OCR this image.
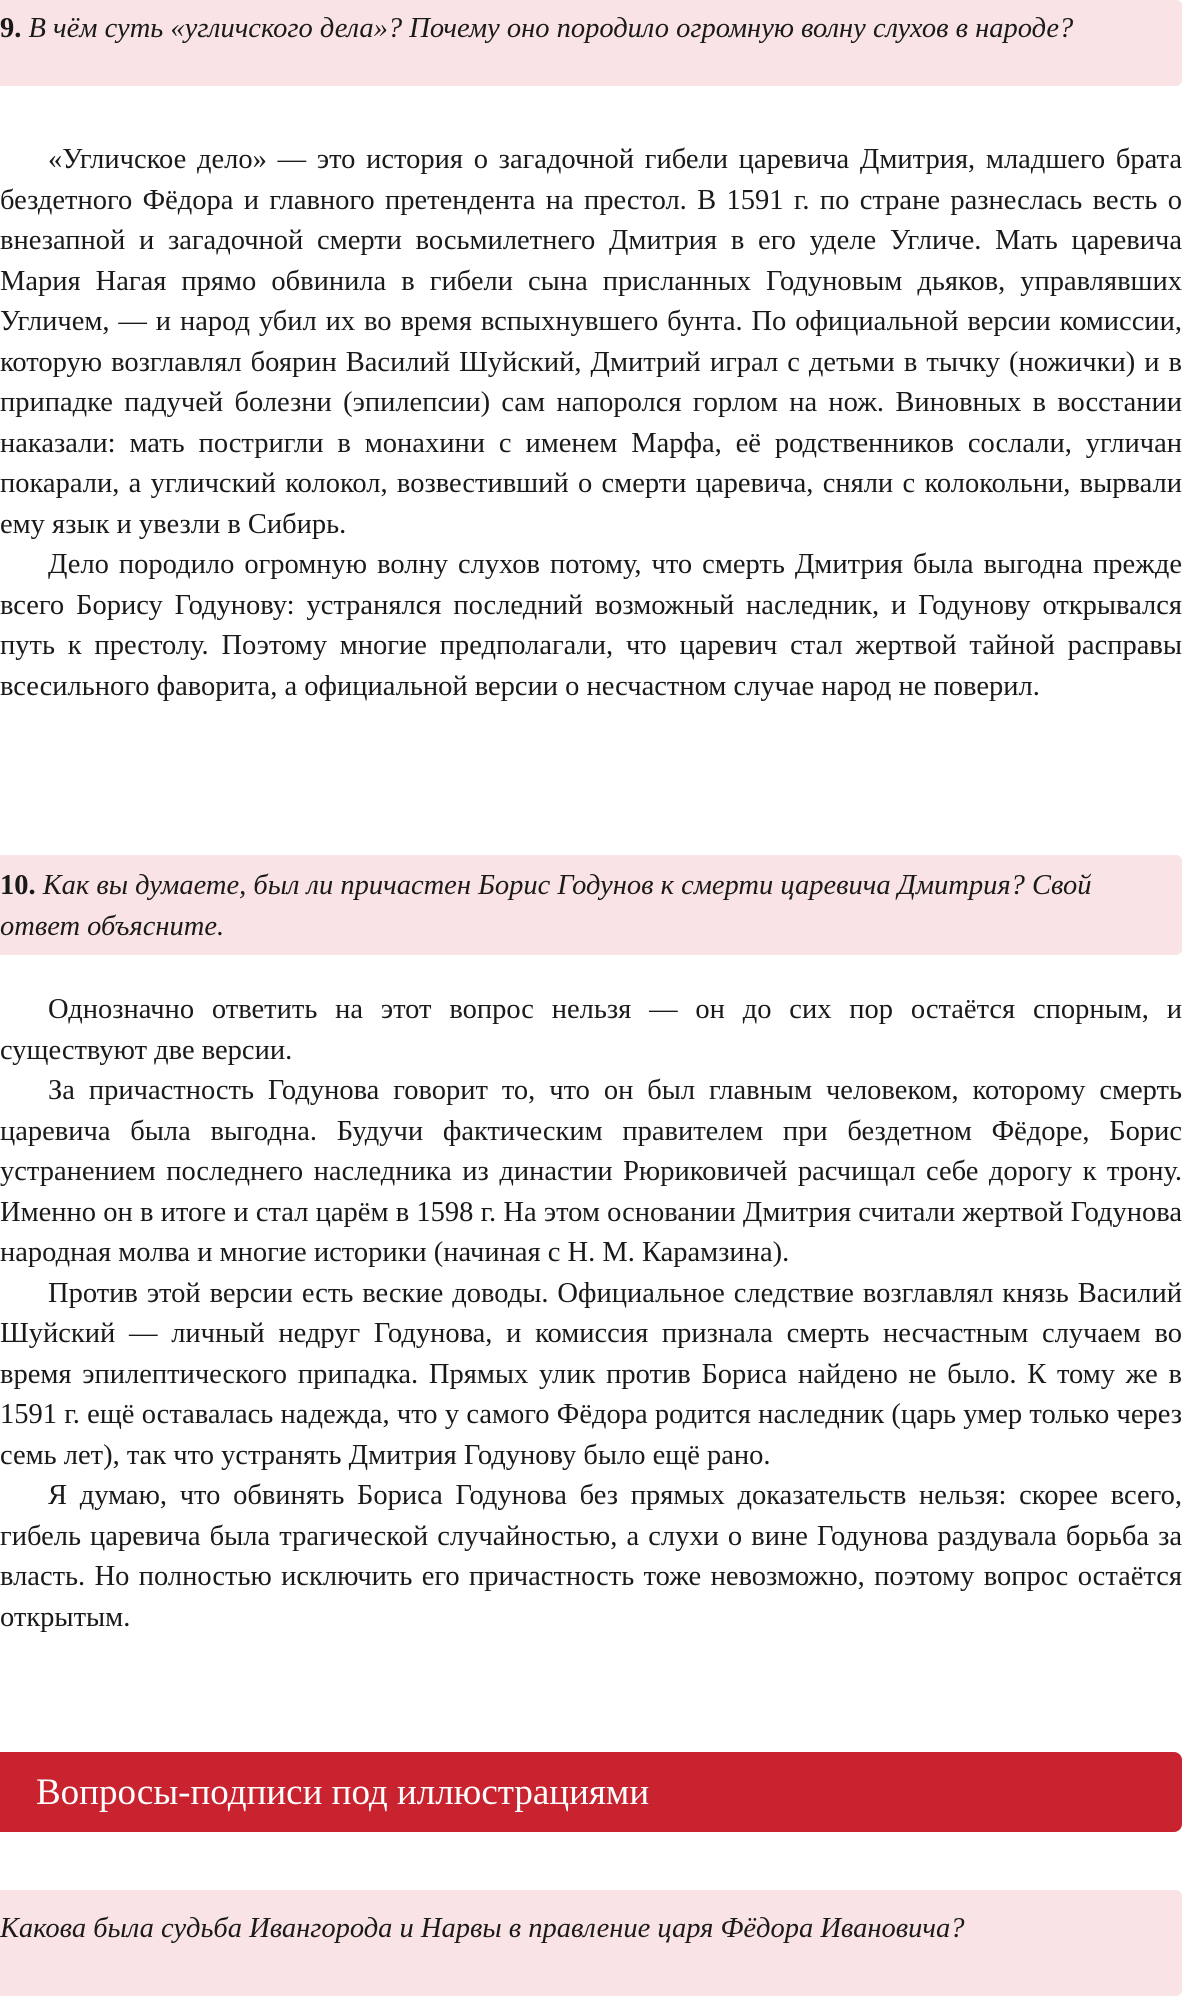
9. В чём суть «угличского дела»? Почему оно породило огромную волну слухов в народе?

«Угличское дело» — это история о загадочной гибели царевича Дмитрия, младшего брата бездетного Фёдора и главного претендента на престол. В 1591 г. по стране разнеслась весть о внезапной и загадочной смерти восьмилетнего Дмитрия в его уделе Угличе. Мать царевича Мария Нагая прямо обвинила в гибели сына присланных Годуновым дьяков, управлявших Угличем, — и народ убил их во время вспыхнувшего бунта. По официальной версии комиссии, которую возглавлял боярин Василий Шуйский, Дмитрий играл с детьми в тычку (ножички) и в припадке падучей болезни (эпилепсии) сам напоролся горлом на нож. Виновных в восстании наказали: мать постригли в монахини с именем Марфа, её родственников сослали, угличан покарали, а угличский колокол, возвестивший о смерти царевича, сняли с колокольни, вырвали ему язык и увезли в Сибирь.

Дело породило огромную волну слухов потому, что смерть Дмитрия была выгодна прежде всего Борису Годунову: устранялся последний возможный наследник, и Годунову открывался путь к престолу. Поэтому многие предполагали, что царевич стал жертвой тайной расправы всесильного фаворита, а официальной версии о несчастном случае народ не поверил.

10. Как вы думаете, был ли причастен Борис Годунов к смерти царевича Дмитрия? Свой ответ объясните.

Однозначно ответить на этот вопрос нельзя — он до сих пор остаётся спорным, и существуют две версии.

За причастность Годунова говорит то, что он был главным человеком, которому смерть царевича была выгодна. Будучи фактическим правителем при бездетном Фёдоре, Борис устранением последнего наследника из династии Рюриковичей расчищал себе дорогу к трону. Именно он в итоге и стал царём в 1598 г. На этом основании Дмитрия считали жертвой Годунова народная молва и многие историки (начиная с Н. М. Карамзина).

Против этой версии есть веские доводы. Официальное следствие возглавлял князь Василий Шуйский — личный недруг Годунова, и комиссия признала смерть несчастным случаем во время эпилептического припадка. Прямых улик против Бориса найдено не было. К тому же в 1591 г. ещё оставалась надежда, что у самого Фёдора родится наследник (царь умер только через семь лет), так что устранять Дмитрия Годунову было ещё рано.

Я думаю, что обвинять Бориса Годунова без прямых доказательств нельзя: скорее всего, гибель царевича была трагической случайностью, а слухи о вине Годунова раздувала борьба за власть. Но полностью исключить его причастность тоже невозможно, поэтому вопрос остаётся открытым.

Вопросы-подписи под иллюстрациями
Какова была судьба Ивангорода и Нарвы в правление царя Фёдора Ивановича?
